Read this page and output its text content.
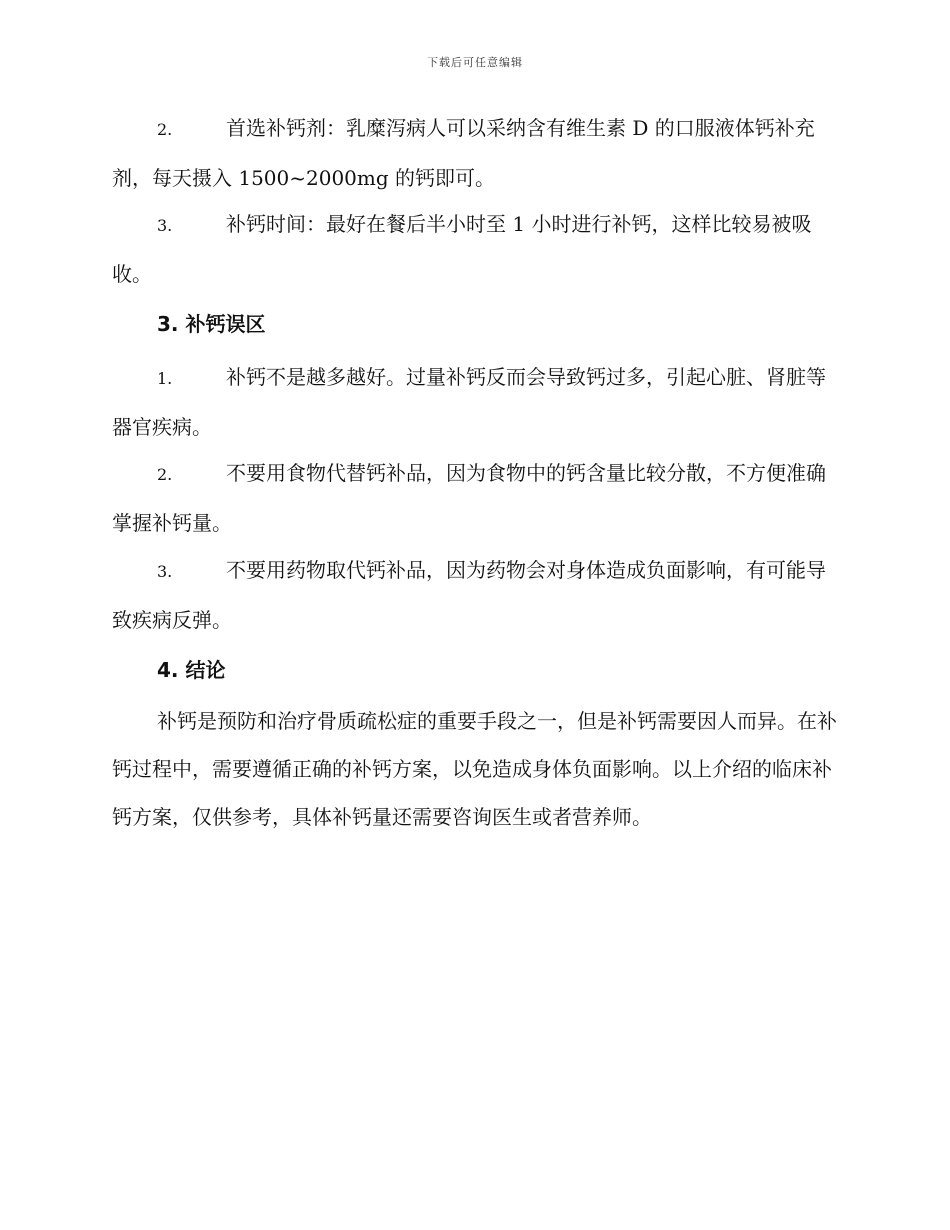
下载后可任意编辑
2.	首选补钙剂：乳糜泻病人可以采纳含有维生素 D 的口服液体钙补充剂，每天摄入 1500~2000mg 的钙即可。
3.	补钙时间：最好在餐后半小时至 1 小时进行补钙，这样比较易被吸收。
3. 补钙误区
1.	补钙不是越多越好。过量补钙反而会导致钙过多，引起心脏、肾脏等器官疾病。
2.	不要用食物代替钙补品，因为食物中的钙含量比较分散，不方便准确掌握补钙量。
3.	不要用药物取代钙补品，因为药物会对身体造成负面影响，有可能导致疾病反弹。
4. 结论
补钙是预防和治疗骨质疏松症的重要手段之一，但是补钙需要因人而异。在补钙过程中，需要遵循正确的补钙方案，以免造成身体负面影响。以上介绍的临床补钙方案，仅供参考，具体补钙量还需要咨询医生或者营养师。
